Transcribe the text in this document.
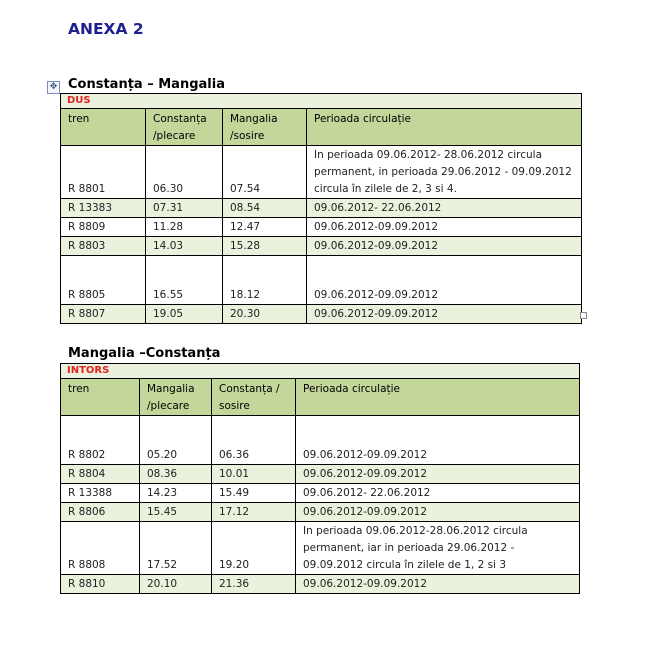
ANEXA 2
✥ Constanța – Mangalia
DUS			
tren	Constanța /plecare	Mangalia /sosire	Perioada circulație
R 8801	06.30	07.54	In perioada 09.06.2012- 28.06.2012 circula permanent, in perioada 29.06.2012 - 09.09.2012 circula în zilele de 2, 3 si 4.
R 13383	07.31	08.54	09.06.2012- 22.06.2012
R 8809	11.28	12.47	09.06.2012-09.09.2012
R 8803	14.03	15.28	09.06.2012-09.09.2012
R 8805	16.55	18.12	09.06.2012-09.09.2012
R 8807	19.05	20.30	09.06.2012-09.09.2012
Mangalia –Constanța
INTORS			
tren	Mangalia /plecare	Constanța / sosire	Perioada circulație
R 8802	05.20	06.36	09.06.2012-09.09.2012
R 8804	08.36	10.01	09.06.2012-09.09.2012
R 13388	14.23	15.49	09.06.2012- 22.06.2012
R 8806	15.45	17.12	09.06.2012-09.09.2012
R 8808	17.52	19.20	In perioada 09.06.2012-28.06.2012 circula permanent, iar in perioada 29.06.2012 - 09.09.2012 circula în zilele de 1, 2 si 3
R 8810	20.10	21.36	09.06.2012-09.09.2012
